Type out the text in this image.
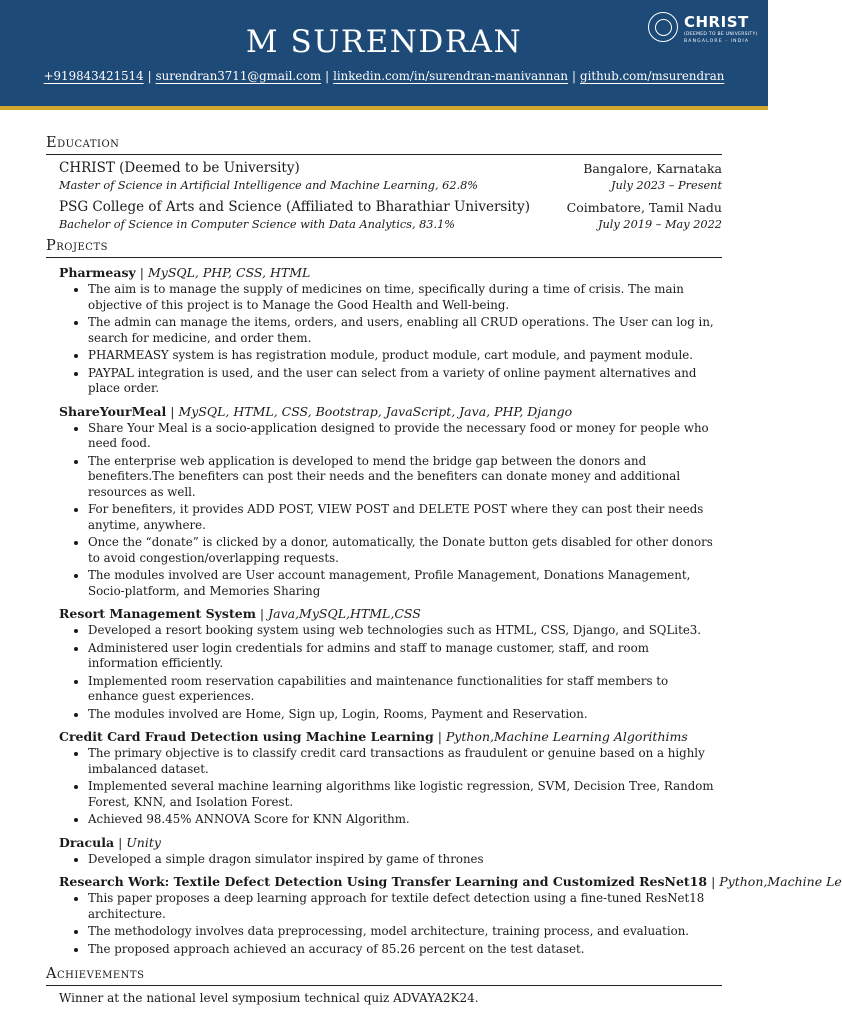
M SURENDRAN
+919843421514 | surendran3711@gmail.com | linkedin.com/in/surendran-manivannan | github.com/msurendran
CHRIST
(DEEMED TO BE UNIVERSITY)
BANGALORE · INDIA
Education
CHRIST (Deemed to be University)	Bangalore, Karnataka
Master of Science in Artificial Intelligence and Machine Learning, 62.8%	July 2023 – Present
PSG College of Arts and Science (Affiliated to Bharathiar University)	Coimbatore, Tamil Nadu
Bachelor of Science in Computer Science with Data Analytics, 83.1%	July 2019 – May 2022
Projects
Pharmeasy | MySQL, PHP, CSS, HTML
• The aim is to manage the supply of medicines on time, specifically during a time of crisis. The main objective of this project is to Manage the Good Health and Well-being.
• The admin can manage the items, orders, and users, enabling all CRUD operations. The User can log in, search for medicine, and order them.
• PHARMEASY system is has registration module, product module, cart module, and payment module.
• PAYPAL integration is used, and the user can select from a variety of online payment alternatives and place order.
ShareYourMeal | MySQL, HTML, CSS, Bootstrap, JavaScript, Java, PHP, Django
• Share Your Meal is a socio-application designed to provide the necessary food or money for people who need food.
• The enterprise web application is developed to mend the bridge gap between the donors and benefiters.The benefiters can post their needs and the benefiters can donate money and additional resources as well.
• For benefiters, it provides ADD POST, VIEW POST and DELETE POST where they can post their needs anytime, anywhere.
• Once the “donate” is clicked by a donor, automatically, the Donate button gets disabled for other donors to avoid congestion/overlapping requests.
• The modules involved are User account management, Profile Management, Donations Management, Socio-platform, and Memories Sharing
Resort Management System | Java,MySQL,HTML,CSS
• Developed a resort booking system using web technologies such as HTML, CSS, Django, and SQLite3.
• Administered user login credentials for admins and staff to manage customer, staff, and room information efficiently.
• Implemented room reservation capabilities and maintenance functionalities for staff members to enhance guest experiences.
• The modules involved are Home, Sign up, Login, Rooms, Payment and Reservation.
Credit Card Fraud Detection using Machine Learning | Python,Machine Learning Algorithims
• The primary objective is to classify credit card transactions as fraudulent or genuine based on a highly imbalanced dataset.
• Implemented several machine learning algorithms like logistic regression, SVM, Decision Tree, Random Forest, KNN, and Isolation Forest.
• Achieved 98.45% ANNOVA Score for KNN Algorithm.
Dracula | Unity
• Developed a simple dragon simulator inspired by game of thrones
Research Work: Textile Defect Detection Using Transfer Learning and Customized ResNet18 | Python,Machine Le
• This paper proposes a deep learning approach for textile defect detection using a fine-tuned ResNet18 architecture.
• The methodology involves data preprocessing, model architecture, training process, and evaluation.
• The proposed approach achieved an accuracy of 85.26 percent on the test dataset.
Achievements
Winner at the national level symposium technical quiz ADVAYA2K24.
